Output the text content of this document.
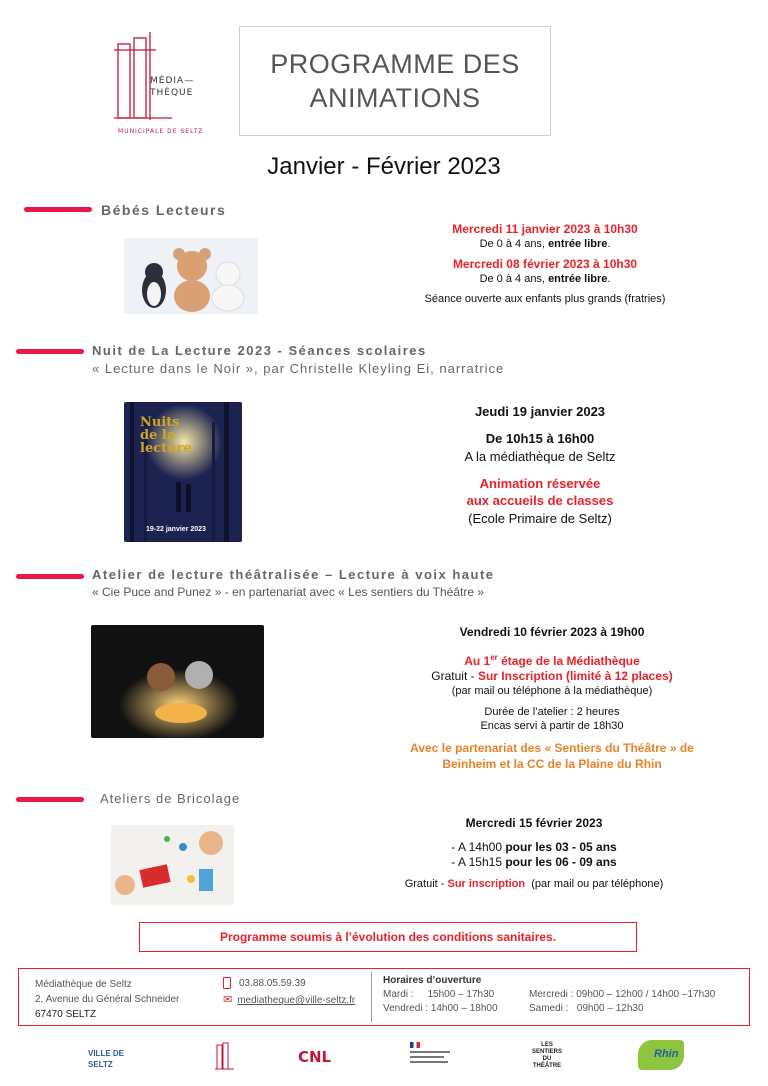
MÉDIA—
THÈQUE
MUNICIPALE DE SELTZ
PROGRAMME DES
ANIMATIONS
Janvier - Février 2023
Bébés Lecteurs
Mercredi 11 janvier 2023 à 10h30
De 0 à 4 ans, entrée libre.
Mercredi 08 février 2023 à 10h30
De 0 à 4 ans, entrée libre.
Séance ouverte aux enfants plus grands (fratries)
Nuit de La Lecture 2023 - Séances scolaires
« Lecture dans le Noir », par Christelle Kleyling Ei, narratrice
Nuits de la lecture
19-22 janvier 2023
Jeudi 19 janvier 2023
De 10h15 à 16h00
A la médiathèque de Seltz
Animation réservée
aux accueils de classes
(Ecole Primaire de Seltz)
Atelier de lecture théâtralisée – Lecture à voix haute
« Cie Puce and Punez » - en partenariat avec « Les sentiers du Théâtre »
Vendredi 10 février 2023 à 19h00
Au 1er étage de la Médiathèque
Gratuit - Sur Inscription (limité à 12 places)
(par mail ou téléphone à la médiathèque)
Durée de l’atelier : 2 heures
Encas servi à partir de 18h30
Avec le partenariat des « Sentiers du Théâtre » de
Beinheim et la CC de la Plaine du Rhin
Ateliers de Bricolage
Mercredi 15 février 2023
- A 14h00 pour les 03 - 05 ans
- A 15h15 pour les 06 - 09 ans
Gratuit - Sur inscription  (par mail ou par téléphone)
Programme soumis à l’évolution des conditions sanitaires.
Médiathèque de Seltz
2, Avenue du Général Schneider
67470 SELTZ
03.88.05.59.39
✉ mediatheque@ville-seltz.fr
Horaires d’ouverture
Mardi :     15h00 – 17h30
Vendredi : 14h00 – 18h00
Mercredi : 09h00 – 12h00 / 14h00 –17h30
Samedi :   09h00 – 12h30
VILLE DE SELTZ	CNL
LES SENTIERS DU THÉÂTRE
Rhin
